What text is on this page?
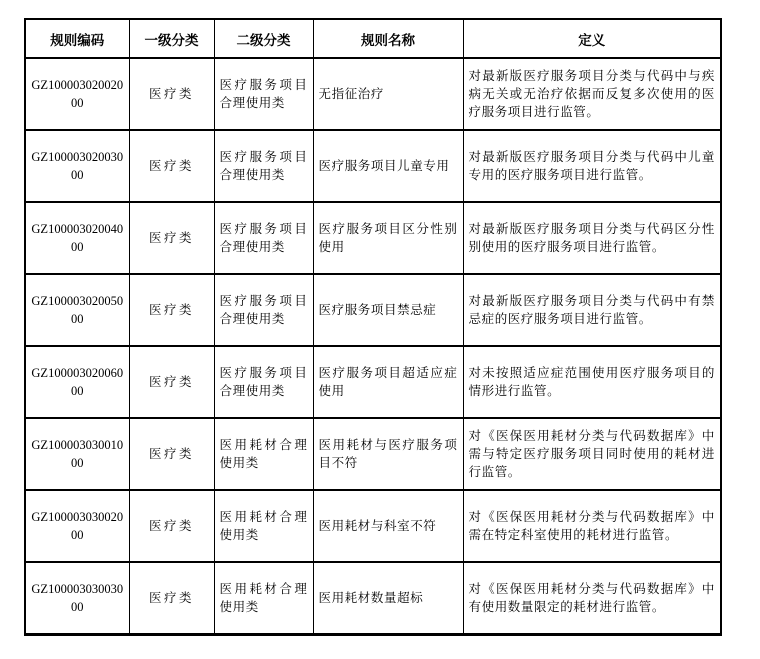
规则编码	一级分类	二级分类	规则名称	定义
GZ10000302002000	医疗类	医疗服务项目合理使用类	无指征治疗	对最新版医疗服务项目分类与代码中与疾病无关或无治疗依据而反复多次使用的医疗服务项目进行监管。
GZ10000302003000	医疗类	医疗服务项目合理使用类	医疗服务项目儿童专用	对最新版医疗服务项目分类与代码中儿童专用的医疗服务项目进行监管。
GZ10000302004000	医疗类	医疗服务项目合理使用类	医疗服务项目区分性别使用	对最新版医疗服务项目分类与代码区分性别使用的医疗服务项目进行监管。
GZ10000302005000	医疗类	医疗服务项目合理使用类	医疗服务项目禁忌症	对最新版医疗服务项目分类与代码中有禁忌症的医疗服务项目进行监管。
GZ10000302006000	医疗类	医疗服务项目合理使用类	医疗服务项目超适应症使用	对未按照适应症范围使用医疗服务项目的情形进行监管。
GZ10000303001000	医疗类	医用耗材合理使用类	医用耗材与医疗服务项目不符	对《医保医用耗材分类与代码数据库》中需与特定医疗服务项目同时使用的耗材进行监管。
GZ10000303002000	医疗类	医用耗材合理使用类	医用耗材与科室不符	对《医保医用耗材分类与代码数据库》中需在特定科室使用的耗材进行监管。
GZ10000303003000	医疗类	医用耗材合理使用类	医用耗材数量超标	对《医保医用耗材分类与代码数据库》中有使用数量限定的耗材进行监管。
